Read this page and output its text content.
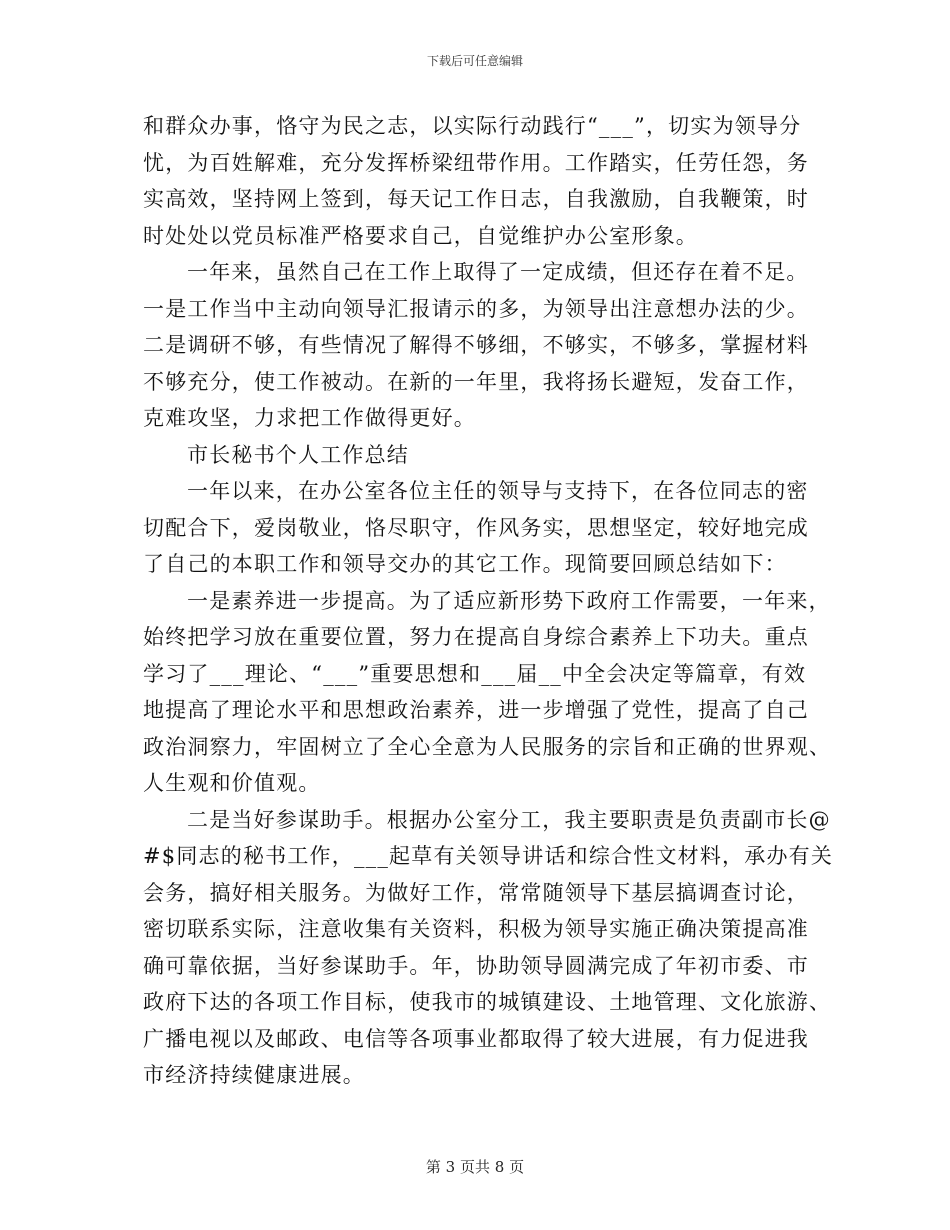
下载后可任意编辑
和群众办事，恪守为民之志，以实际行动践行“___”，切实为领导分
忧，为百姓解难，充分发挥桥梁纽带作用。工作踏实，任劳任怨，务
实高效，坚持网上签到，每天记工作日志，自我激励，自我鞭策，时
时处处以党员标准严格要求自己，自觉维护办公室形象。
一年来，虽然自己在工作上取得了一定成绩，但还存在着不足。
一是工作当中主动向领导汇报请示的多，为领导出注意想办法的少。
二是调研不够，有些情况了解得不够细，不够实，不够多，掌握材料
不够充分，使工作被动。在新的一年里，我将扬长避短，发奋工作，
克难攻坚，力求把工作做得更好。
市长秘书个人工作总结
一年以来，在办公室各位主任的领导与支持下，在各位同志的密
切配合下，爱岗敬业，恪尽职守，作风务实，思想坚定，较好地完成
了自己的本职工作和领导交办的其它工作。现简要回顾总结如下：
一是素养进一步提高。为了适应新形势下政府工作需要，一年来，
始终把学习放在重要位置，努力在提高自身综合素养上下功夫。重点
学习了___理论、“___”重要思想和___届__中全会决定等篇章，有效
地提高了理论水平和思想政治素养，进一步增强了党性，提高了自己
政治洞察力，牢固树立了全心全意为人民服务的宗旨和正确的世界观、
人生观和价值观。
二是当好参谋助手。根据办公室分工，我主要职责是负责副市长@
#$同志的秘书工作，___起草有关领导讲话和综合性文材料，承办有关
会务，搞好相关服务。为做好工作，常常随领导下基层搞调查讨论，
密切联系实际，注意收集有关资料，积极为领导实施正确决策提高准
确可靠依据，当好参谋助手。年，协助领导圆满完成了年初市委、市
政府下达的各项工作目标，使我市的城镇建设、土地管理、文化旅游、
广播电视以及邮政、电信等各项事业都取得了较大进展，有力促进我
市经济持续健康进展。
第 3 页共 8 页
